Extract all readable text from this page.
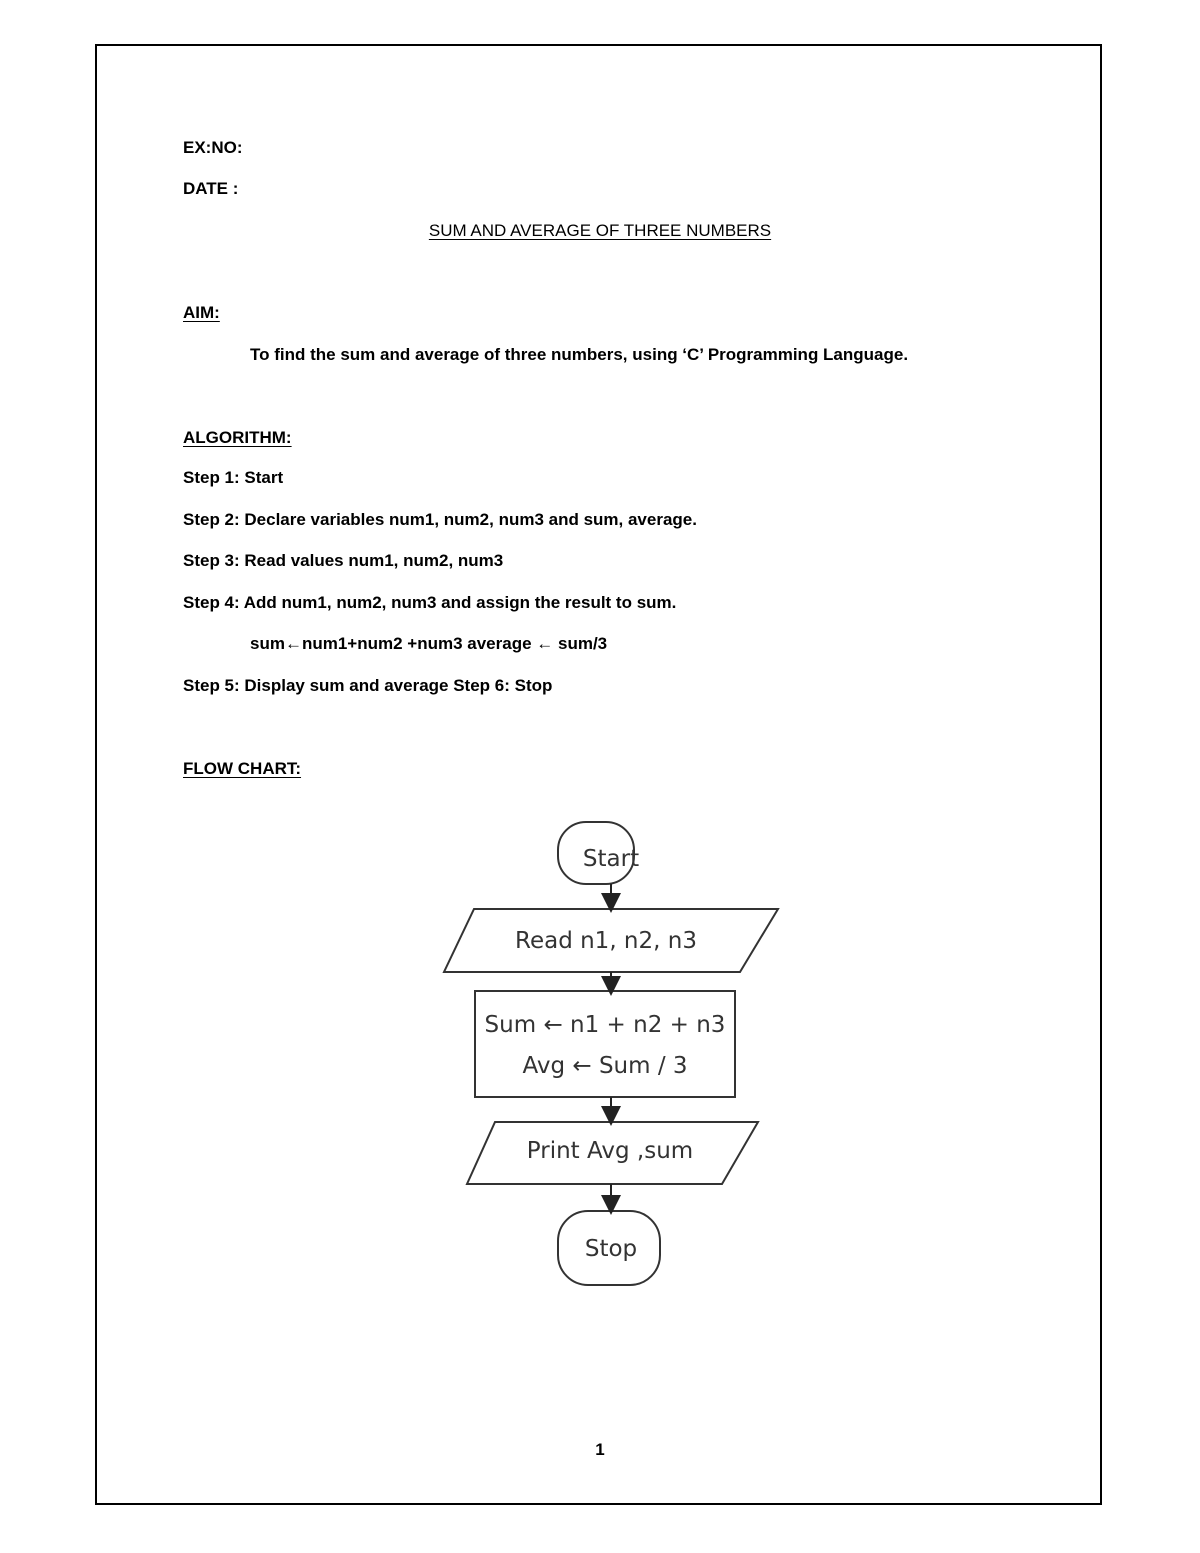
EX:NO:
DATE :
SUM AND AVERAGE OF THREE NUMBERS
AIM:
To find the sum and average of three numbers, using ‘C’ Programming Language.
ALGORITHM:
Step 1: Start
Step 2: Declare variables num1, num2, num3 and sum, average.
Step 3: Read values num1, num2, num3
Step 4: Add num1, num2, num3 and assign the result to sum.
sum←num1+num2 +num3 average ← sum/3
Step 5: Display sum and average Step 6: Stop
FLOW CHART:
Start
Read n1, n2, n3
Sum ← n1 + n2 + n3
Avg ← Sum / 3
Print Avg ,sum
Stop
1
